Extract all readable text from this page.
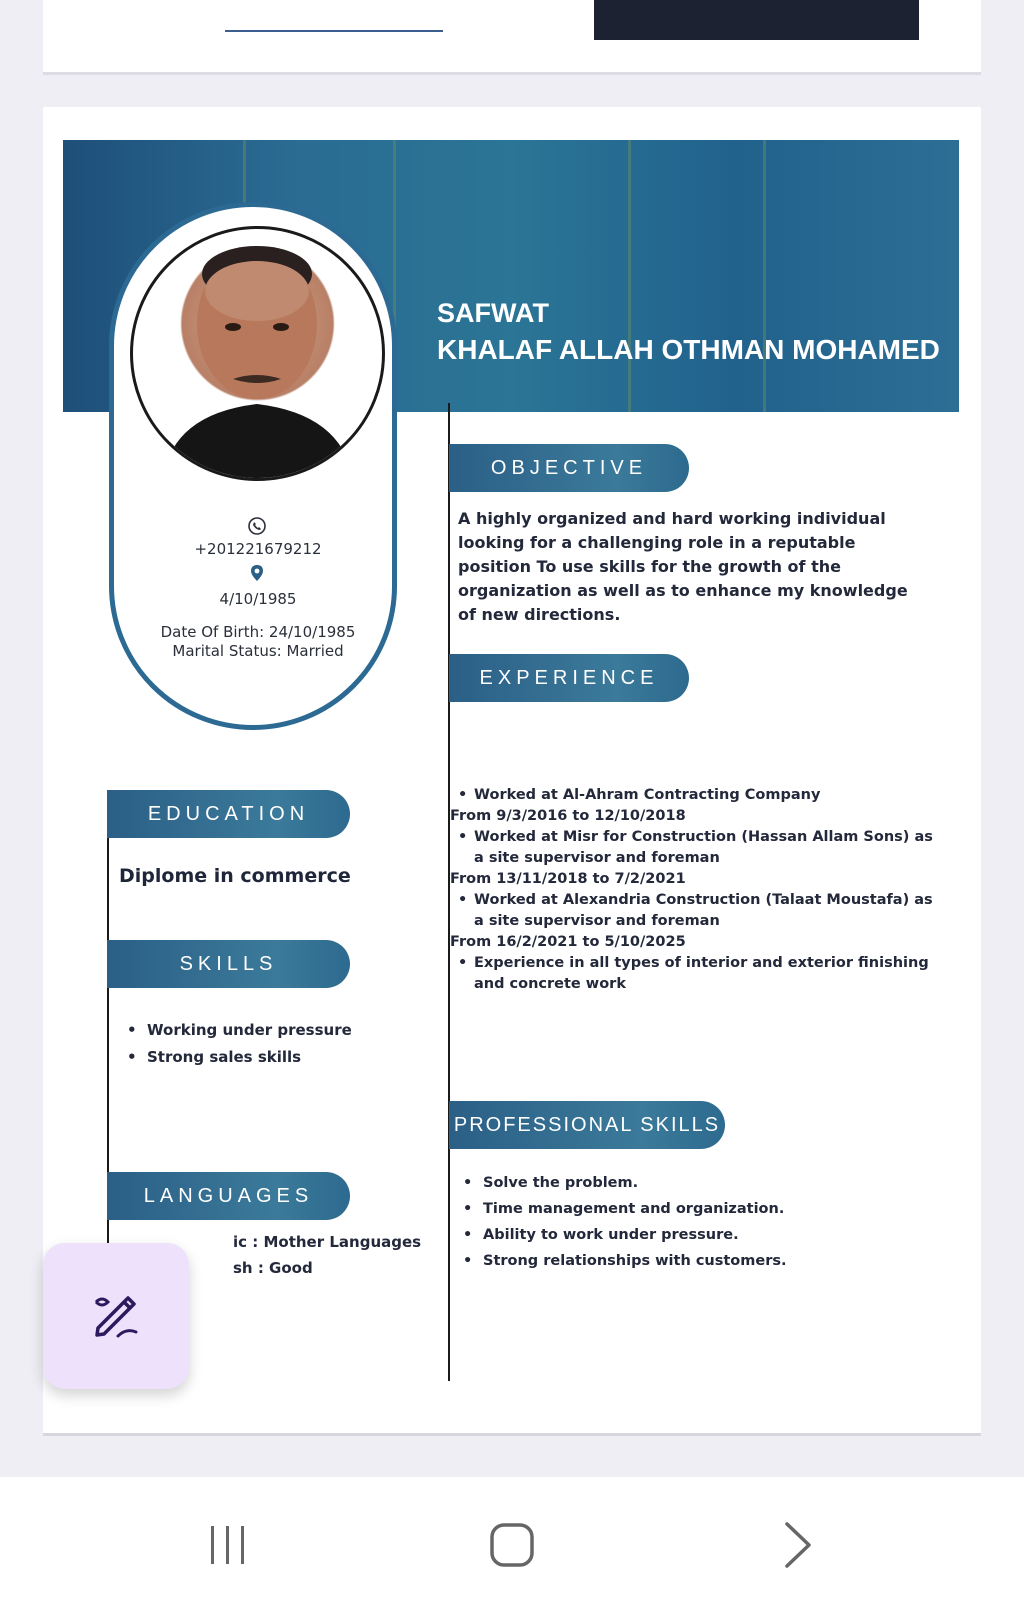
SAFWAT
KHALAF ALLAH OTHMAN MOHAMED
+201221679212
4/10/1985
Date Of Birth: 24/10/1985
Marital Status: Married
OBJECTIVE
A highly organized and hard working individual looking for a challenging role in a reputable position To use skills for the growth of the organization as well as to enhance my knowledge of new directions.
EXPERIENCE
• Worked at Al-Ahram Contracting Company
From 9/3/2016 to 12/10/2018
• Worked at Misr for Construction (Hassan Allam Sons) as a site supervisor and foreman
From 13/11/2018 to 7/2/2021
• Worked at Alexandria Construction (Talaat Moustafa) as a site supervisor and foreman
From 16/2/2021 to 5/10/2025
• Experience in all types of interior and exterior finishing and concrete work
PROFESSIONAL SKILLS
• Solve the problem.
• Time management and organization.
• Ability to work under pressure.
• Strong relationships with customers.
EDUCATION
Diplome in commerce
SKILLS
• Working under pressure
• Strong sales skills
LANGUAGES
ic : Mother Languages
sh : Good
